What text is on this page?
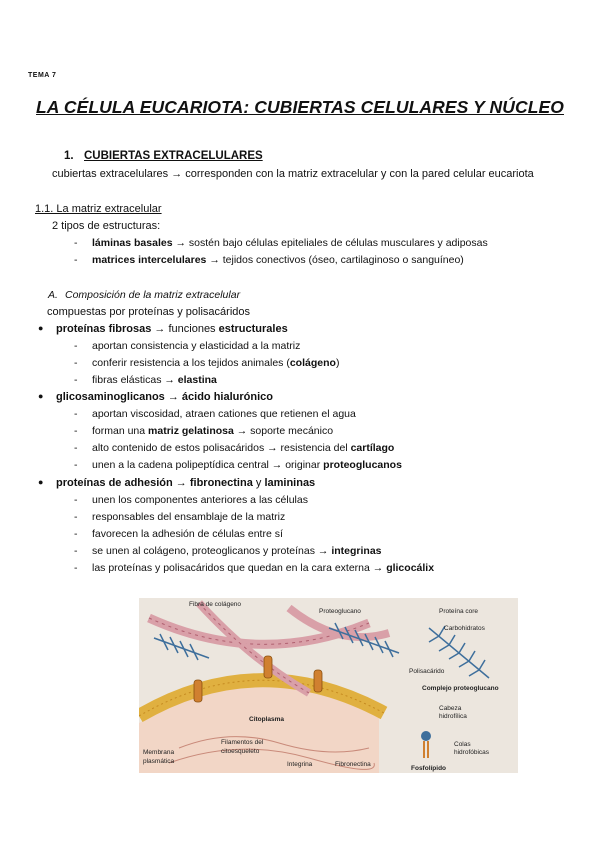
TEMA 7
LA CÉLULA EUCARIOTA: CUBIERTAS CELULARES Y NÚCLEO
1. CUBIERTAS EXTRACELULARES
cubiertas extracelulares → corresponden con la matriz extracelular y con la pared celular eucariota
1.1. La matriz extracelular
2 tipos de estructuras:
- láminas basales → sostén bajo células epiteliales de células musculares y adiposas
- matrices intercelulares → tejidos conectivos (óseo, cartilaginoso o sanguíneo)
A. Composición de la matriz extracelular
compuestas por proteínas y polisacáridos
● proteínas fibrosas → funciones estructurales
- aportan consistencia y elasticidad a la matriz
- conferir resistencia a los tejidos animales (colágeno)
- fibras elásticas → elastina
● glicosaminoglicanos → ácido hialurónico
- aportan viscosidad, atraen cationes que retienen el agua
- forman una matriz gelatinosa → soporte mecánico
- alto contenido de estos polisacáridos → resistencia del cartílago
- unen a la cadena polipeptídica central → originar proteoglucanos
● proteínas de adhesión → fibronectina y lamininas
- unen los componentes anteriores a las células
- responsables del ensamblaje de la matriz
- favorecen la adhesión de células entre sí
- se unen al colágeno, proteoglicanos y proteínas → integrinas
- las proteínas y polisacáridos que quedan en la cara externa → glicocálix
Fibra de colágeno
Proteoglucano	Proteína core
Carbohidratos
Polisacárido
Complejo proteoglucano
Cabeza
hidrofílica
Colas
hidrofóbicas
Fosfolípido
Membrana
plasmática
Filamentos del
citoesqueleto
Integrina	Fibronectina
Citoplasma
